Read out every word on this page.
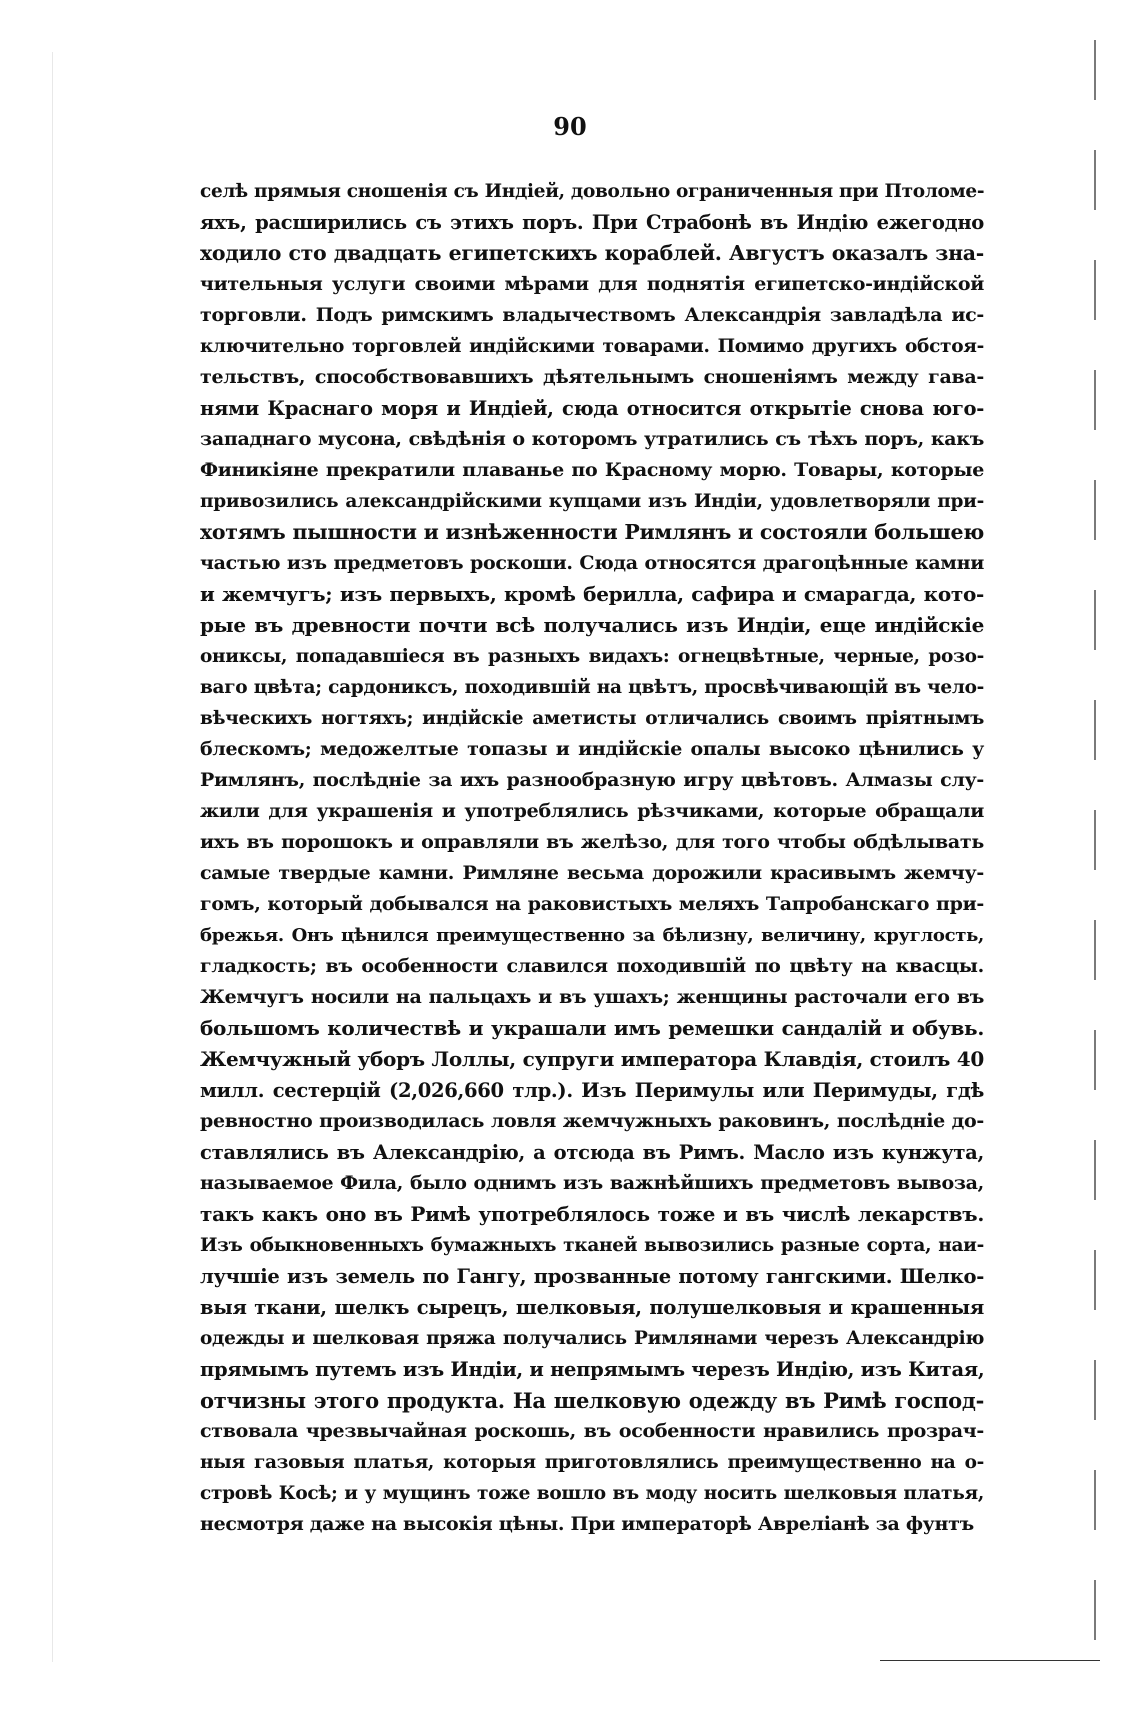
90
селѣ прямыя сношенія съ Индіей, довольно ограниченныя при Птоломе-
яхъ, расширились съ этихъ поръ. При Страбонѣ въ Индію ежегодно
ходило сто двадцать египетскихъ кораблей. Августъ оказалъ зна-
чительныя услуги своими мѣрами для поднятія египетско-индійской
торговли. Подъ римскимъ владычествомъ Александрія завладѣла ис-
ключительно торговлей индійскими товарами. Помимо другихъ обстоя-
тельствъ, способствовавшихъ дѣятельнымъ сношеніямъ между гава-
нями Краснаго моря и Индіей, сюда относится открытіе снова юго-
западнаго мусона, свѣдѣнія о которомъ утратились съ тѣхъ поръ, какъ
Финикіяне прекратили плаванье по Красному морю. Товары, которые
привозились александрійскими купцами изъ Индіи, удовлетворяли при-
хотямъ пышности и изнѣженности Римлянъ и состояли большею
частью изъ предметовъ роскоши. Сюда относятся драгоцѣнные камни
и жемчугъ; изъ первыхъ, кромѣ берилла, сафира и смарагда, кото-
рые въ древности почти всѣ получались изъ Индіи, еще индійскіе
ониксы, попадавшіеся въ разныхъ видахъ: огнецвѣтные, черные, розо-
ваго цвѣта; сардониксъ, походившій на цвѣтъ, просвѣчивающій въ чело-
вѣческихъ ногтяхъ; индійскіе аметисты отличались своимъ пріятнымъ
блескомъ; медожелтые топазы и индійскіе опалы высоко цѣнились у
Римлянъ, послѣдніе за ихъ разнообразную игру цвѣтовъ. Алмазы слу-
жили для украшенія и употреблялись рѣзчиками, которые обращали
ихъ въ порошокъ и оправляли въ желѣзо, для того чтобы обдѣлывать
самые твердые камни. Римляне весьма дорожили красивымъ жемчу-
гомъ, который добывался на раковистыхъ меляхъ Тапробанскаго при-
брежья. Онъ цѣнился преимущественно за бѣлизну, величину, круглость,
гладкость; въ особенности славился походившій по цвѣту на квасцы.
Жемчугъ носили на пальцахъ и въ ушахъ; женщины расточали его въ
большомъ количествѣ и украшали имъ ремешки сандалій и обувь.
Жемчужный уборъ Лоллы, супруги императора Клавдія, стоилъ 40
милл. сестерцій (2,026,660 тлр.). Изъ Перимулы или Перимуды, гдѣ
ревностно производилась ловля жемчужныхъ раковинъ, послѣдніе до-
ставлялись въ Александрію, а отсюда въ Римъ. Масло изъ кунжута,
называемое Фила, было однимъ изъ важнѣйшихъ предметовъ вывоза,
такъ какъ оно въ Римѣ употреблялось тоже и въ числѣ лекарствъ.
Изъ обыкновенныхъ бумажныхъ тканей вывозились разные сорта, наи-
лучшіе изъ земель по Гангу, прозванные потому гангскими. Шелко-
выя ткани, шелкъ сырецъ, шелковыя, полушелковыя и крашенныя
одежды и шелковая пряжа получались Римлянами черезъ Александрію
прямымъ путемъ изъ Индіи, и непрямымъ черезъ Индію, изъ Китая,
отчизны этого продукта. На шелковую одежду въ Римѣ господ-
ствовала чрезвычайная роскошь, въ особенности нравились прозрач-
ныя газовыя платья, которыя приготовлялись преимущественно на о-
стровѣ Косѣ; и у мущинъ тоже вошло въ моду носить шелковыя платья,
несмотря даже на высокія цѣны. При императорѣ Авреліанѣ за фунтъ
